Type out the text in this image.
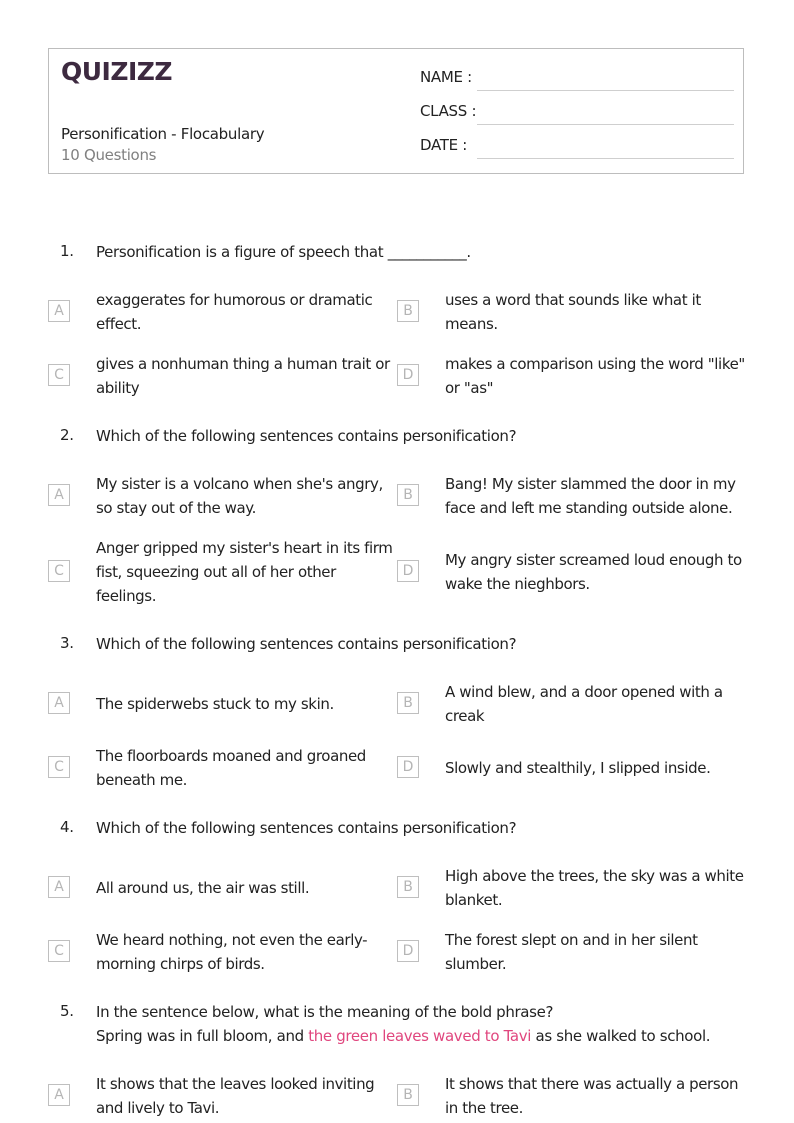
QUIZIZZ
Personification - Flocabulary
10 Questions
NAME :
CLASS :
DATE :
1. Personification is a figure of speech that ___________.
A
exaggerates for humorous or dramatic effect.
B
uses a word that sounds like what it means.
C
gives a nonhuman thing a human trait or ability
D
makes a comparison using the word "like" or "as"
2. Which of the following sentences contains personification?
A
My sister is a volcano when she's angry, so stay out of the way.
B
Bang! My sister slammed the door in my face and left me standing outside alone.
C
Anger gripped my sister's heart in its firm fist, squeezing out all of her other feelings.
D
My angry sister screamed loud enough to wake the nieghbors.
3. Which of the following sentences contains personification?
A	The spiderwebs stuck to my skin.	B
A wind blew, and a door opened with a creak
C
The floorboards moaned and groaned beneath me.
D	Slowly and stealthily, I slipped inside.
4. Which of the following sentences contains personification?
A	All around us, the air was still.	B
High above the trees, the sky was a white blanket.
C
We heard nothing, not even the early-morning chirps of birds.
D
The forest slept on and in her silent slumber.
5. In the sentence below, what is the meaning of the bold phrase?
Spring was in full bloom, and the green leaves waved to Tavi as she walked to school.
A
It shows that the leaves looked inviting and lively to Tavi.
B
It shows that there was actually a person in the tree.
